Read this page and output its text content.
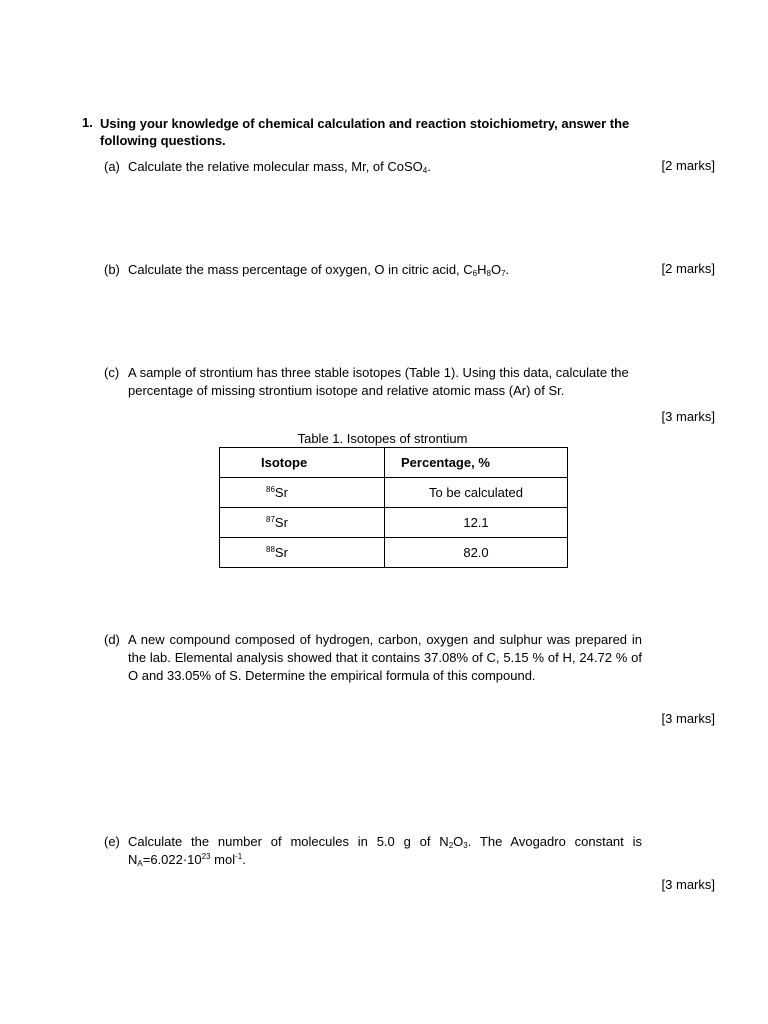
1. Using your knowledge of chemical calculation and reaction stoichiometry, answer the following questions.
(a) Calculate the relative molecular mass, Mr, of CoSO$_4$.	[2 marks]
(b) Calculate the mass percentage of oxygen, O in citric acid, $C_6H_8O_7$.	[2 marks]
(c) A sample of strontium has three stable isotopes (Table 1). Using this data, calculate the percentage of missing strontium isotope and relative atomic mass (Ar) of Sr.
[3 marks]
Table 1. Isotopes of strontium
Isotope	Percentage, %
$^{86}$Sr	To be calculated
$^{87}$Sr	12.1
$^{88}$Sr	82.0
(d) A new compound composed of hydrogen, carbon, oxygen and sulphur was prepared in the lab. Elemental analysis showed that it contains 37.08% of C, 5.15 % of H, 24.72 % of O and 33.05% of S. Determine the empirical formula of this compound.
[3 marks]
(e) Calculate the number of molecules in 5.0 g of $N_2O_3$. The Avogadro constant is $N_A=6.022\cdot 10^{23}$ mol$^{-1}$.
[3 marks]
